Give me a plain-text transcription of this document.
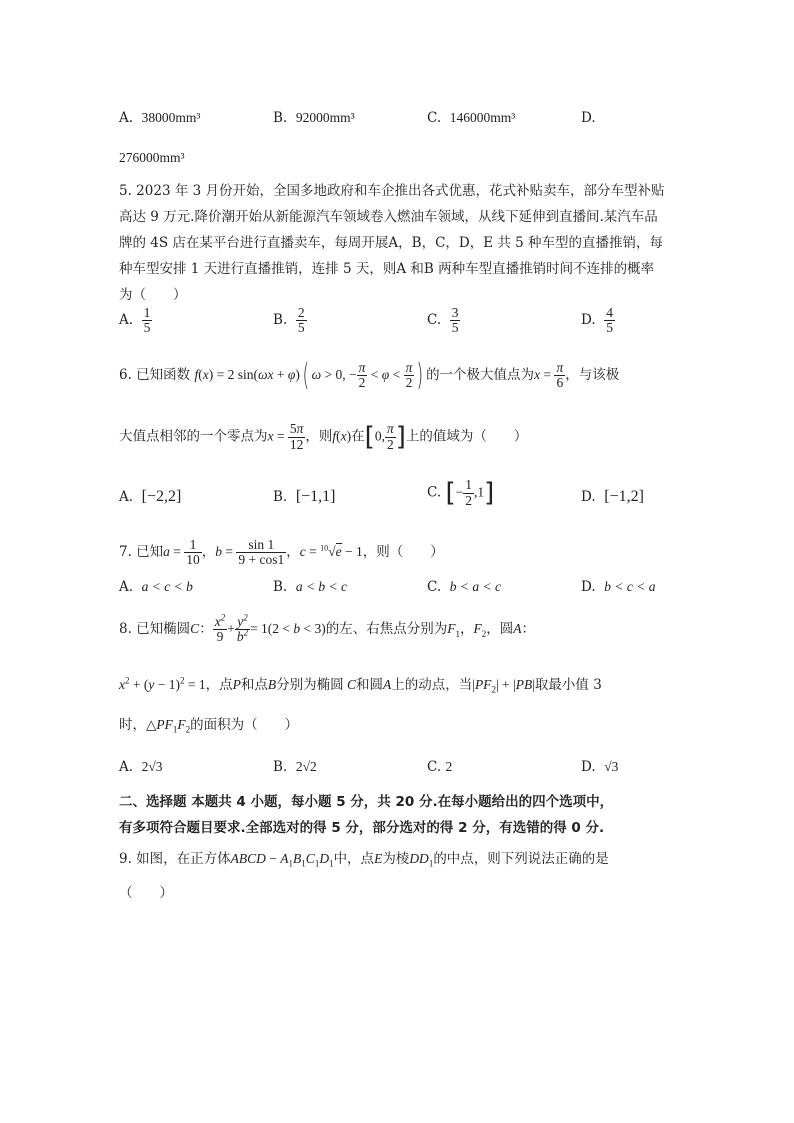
A. 38000mm³	B. 92000mm³	C. 146000mm³	D.
276000mm³
5. 2023 年 3 月份开始，全国多地政府和车企推出各式优惠，花式补贴卖车，部分车型补贴
高达 9 万元.降价潮开始从新能源汽车领域卷入燃油车领域，从线下延伸到直播间.某汽车品
牌的 4S 店在某平台进行直播卖车，每周开展A，B，C，D，E 共 5 种车型的直播推销，每
种车型安排 1 天进行直播推销，连排 5 天，则A 和B 两种车型直播推销时间不连排的概率
为（　　）
A. $\frac{1}{5}$	B. $\frac{2}{5}$	C. $\frac{3}{5}$	D. $\frac{4}{5}$
6. 已知函数 f(x) = 2 sin(ωx + φ)( ω > 0, − $\frac{\pi}{2} < \varphi < \frac{\pi}{2}$ ) 的一个极大值点为$x = \frac{\pi}{6}$ ，与该极
大值点相邻的一个零点为$x = \frac{5\pi}{12}$ ，则f(x)在[0, $\frac{\pi}{2}$ ]上的值域为（　　）
A. [−2,2]	B. [−1,1]	C. [− $\frac{1}{2} ,1$]	D. [−1,2]
7. 已知$a = \frac{1}{10}$ ，$b = \frac{\sin 1}{9 + \cos 1}$ ，c = $^{10}$√e − 1，则（　　）
A. a < c < b	B. a < b < c	C. b < a < c	D. b < c < a
8. 已知椭圆C： $\frac{x^2}{9} + \frac{y^2}{b^2} = 1(2 < b < 3)$的左、右焦点分别为$F_1$，$F_2$，圆A：
$x^2 + (y - 1)^2 = 1$，点P和点B分别为椭圆 C和圆A上的动点，当$|PF_2| + |PB|$取最小值 3
时，$\triangle PF_1F_2$的面积为（　　）
A. 2√3	B. 2√2	C. 2	D. √3
二、选择题 本题共 4 小题，每小题 5 分，共 20 分.在每小题给出的四个选项中，
有多项符合题目要求.全部选对的得 5 分，部分选对的得 2 分，有选错的得 0 分.
9. 如图，在正方体ABCD − $A_1B_1C_1D_1$中，点E为棱$DD_1$的中点，则下列说法正确的是
（　　）
